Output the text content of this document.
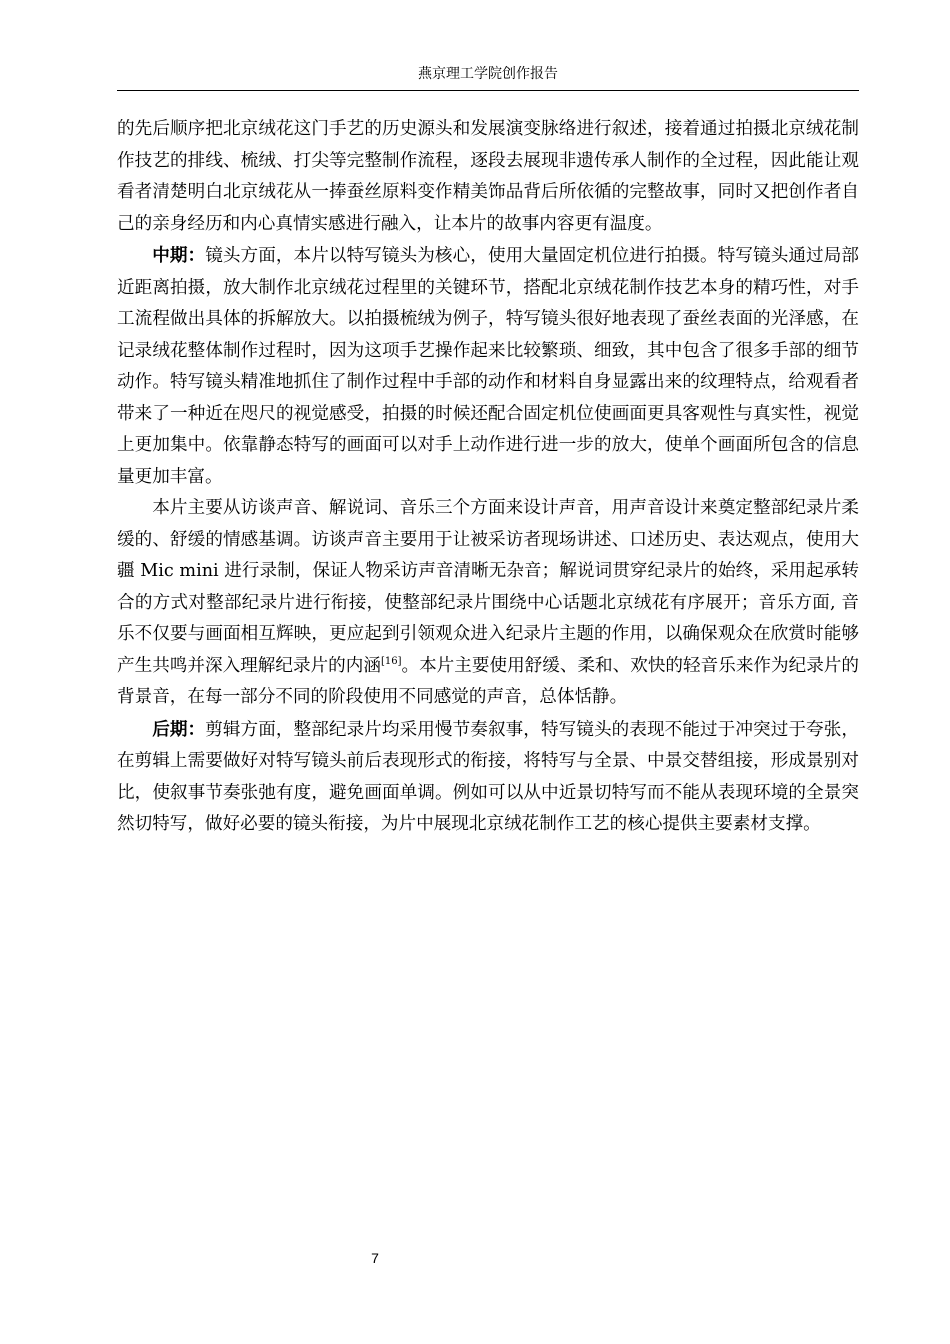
燕京理工学院创作报告

的先后顺序把北京绒花这门手艺的历史源头和发展演变脉络进行叙述，接着通过拍摄北京绒花制作技艺的排线、梳绒、打尖等完整制作流程，逐段去展现非遗传承人制作的全过程，因此能让观看者清楚明白北京绒花从一捧蚕丝原料变作精美饰品背后所依循的完整故事，同时又把创作者自己的亲身经历和内心真情实感进行融入，让本片的故事内容更有温度。

中期：镜头方面，本片以特写镜头为核心，使用大量固定机位进行拍摄。特写镜头通过局部近距离拍摄，放大制作北京绒花过程里的关键环节，搭配北京绒花制作技艺本身的精巧性，对手工流程做出具体的拆解放大。以拍摄梳绒为例子，特写镜头很好地表现了蚕丝表面的光泽感，在记录绒花整体制作过程时，因为这项手艺操作起来比较繁琐、细致，其中包含了很多手部的细节动作。特写镜头精准地抓住了制作过程中手部的动作和材料自身显露出来的纹理特点，给观看者带来了一种近在咫尺的视觉感受，拍摄的时候还配合固定机位使画面更具客观性与真实性，视觉上更加集中。依靠静态特写的画面可以对手上动作进行进一步的放大，使单个画面所包含的信息量更加丰富。

本片主要从访谈声音、解说词、音乐三个方面来设计声音，用声音设计来奠定整部纪录片柔缓的、舒缓的情感基调。访谈声音主要用于让被采访者现场讲述、口述历史、表达观点，使用大疆 Mic mini 进行录制，保证人物采访声音清晰无杂音；解说词贯穿纪录片的始终，采用起承转合的方式对整部纪录片进行衔接，使整部纪录片围绕中心话题北京绒花有序展开；音乐方面, 音乐不仅要与画面相互辉映，更应起到引领观众进入纪录片主题的作用，以确保观众在欣赏时能够产生共鸣并深入理解纪录片的内涵[16]。本片主要使用舒缓、柔和、欢快的轻音乐来作为纪录片的背景音，在每一部分不同的阶段使用不同感觉的声音，总体恬静。

后期：剪辑方面，整部纪录片均采用慢节奏叙事，特写镜头的表现不能过于冲突过于夸张，在剪辑上需要做好对特写镜头前后表现形式的衔接，将特写与全景、中景交替组接，形成景别对比，使叙事节奏张弛有度，避免画面单调。例如可以从中近景切特写而不能从表现环境的全景突然切特写，做好必要的镜头衔接，为片中展现北京绒花制作工艺的核心提供主要素材支撑。

7
